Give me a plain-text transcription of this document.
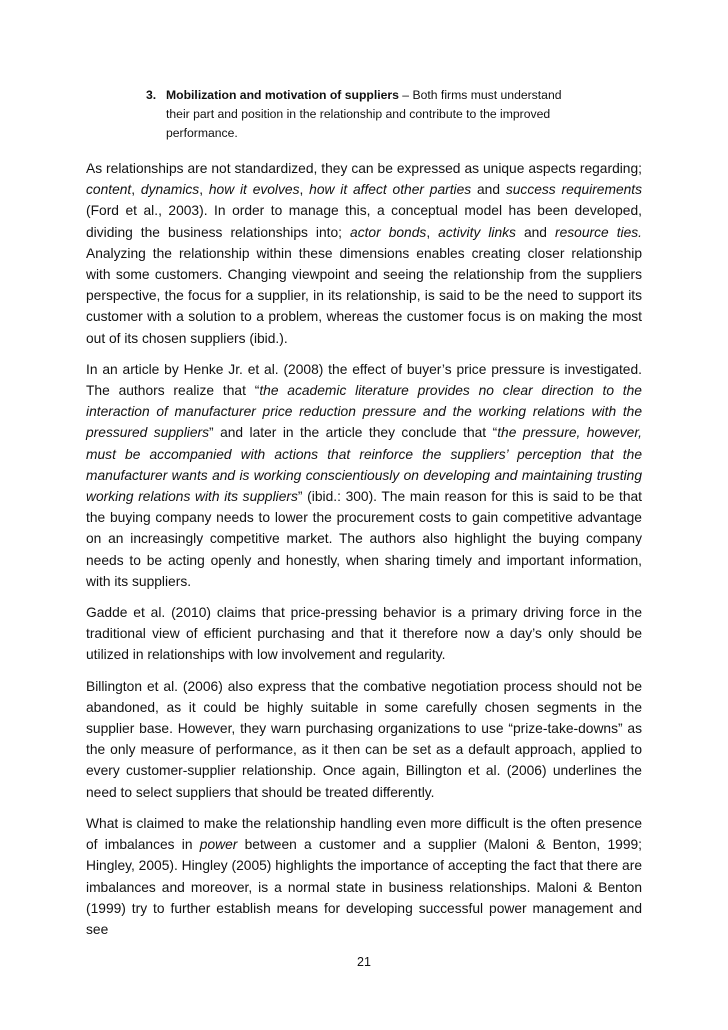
3. Mobilization and motivation of suppliers – Both firms must understand their part and position in the relationship and contribute to the improved performance.

As relationships are not standardized, they can be expressed as unique aspects regarding; content, dynamics, how it evolves, how it affect other parties and success requirements (Ford et al., 2003). In order to manage this, a conceptual model has been developed, dividing the business relationships into; actor bonds, activity links and resource ties. Analyzing the relationship within these dimensions enables creating closer relationship with some customers. Changing viewpoint and seeing the relationship from the suppliers perspective, the focus for a supplier, in its relationship, is said to be the need to support its customer with a solution to a problem, whereas the customer focus is on making the most out of its chosen suppliers (ibid.).

In an article by Henke Jr. et al. (2008) the effect of buyer’s price pressure is investigated. The authors realize that “the academic literature provides no clear direction to the interaction of manufacturer price reduction pressure and the working relations with the pressured suppliers” and later in the article they conclude that “the pressure, however, must be accompanied with actions that reinforce the suppliers’ perception that the manufacturer wants and is working conscientiously on developing and maintaining trusting working relations with its suppliers” (ibid.: 300). The main reason for this is said to be that the buying company needs to lower the procurement costs to gain competitive advantage on an increasingly competitive market. The authors also highlight the buying company needs to be acting openly and honestly, when sharing timely and important information, with its suppliers.

Gadde et al. (2010) claims that price-pressing behavior is a primary driving force in the traditional view of efficient purchasing and that it therefore now a day’s only should be utilized in relationships with low involvement and regularity.

Billington et al. (2006) also express that the combative negotiation process should not be abandoned, as it could be highly suitable in some carefully chosen segments in the supplier base. However, they warn purchasing organizations to use “prize-take-downs” as the only measure of performance, as it then can be set as a default approach, applied to every customer-supplier relationship. Once again, Billington et al. (2006) underlines the need to select suppliers that should be treated differently.

What is claimed to make the relationship handling even more difficult is the often presence of imbalances in power between a customer and a supplier (Maloni & Benton, 1999; Hingley, 2005). Hingley (2005) highlights the importance of accepting the fact that there are imbalances and moreover, is a normal state in business relationships. Maloni & Benton (1999) try to further establish means for developing successful power management and see

21
